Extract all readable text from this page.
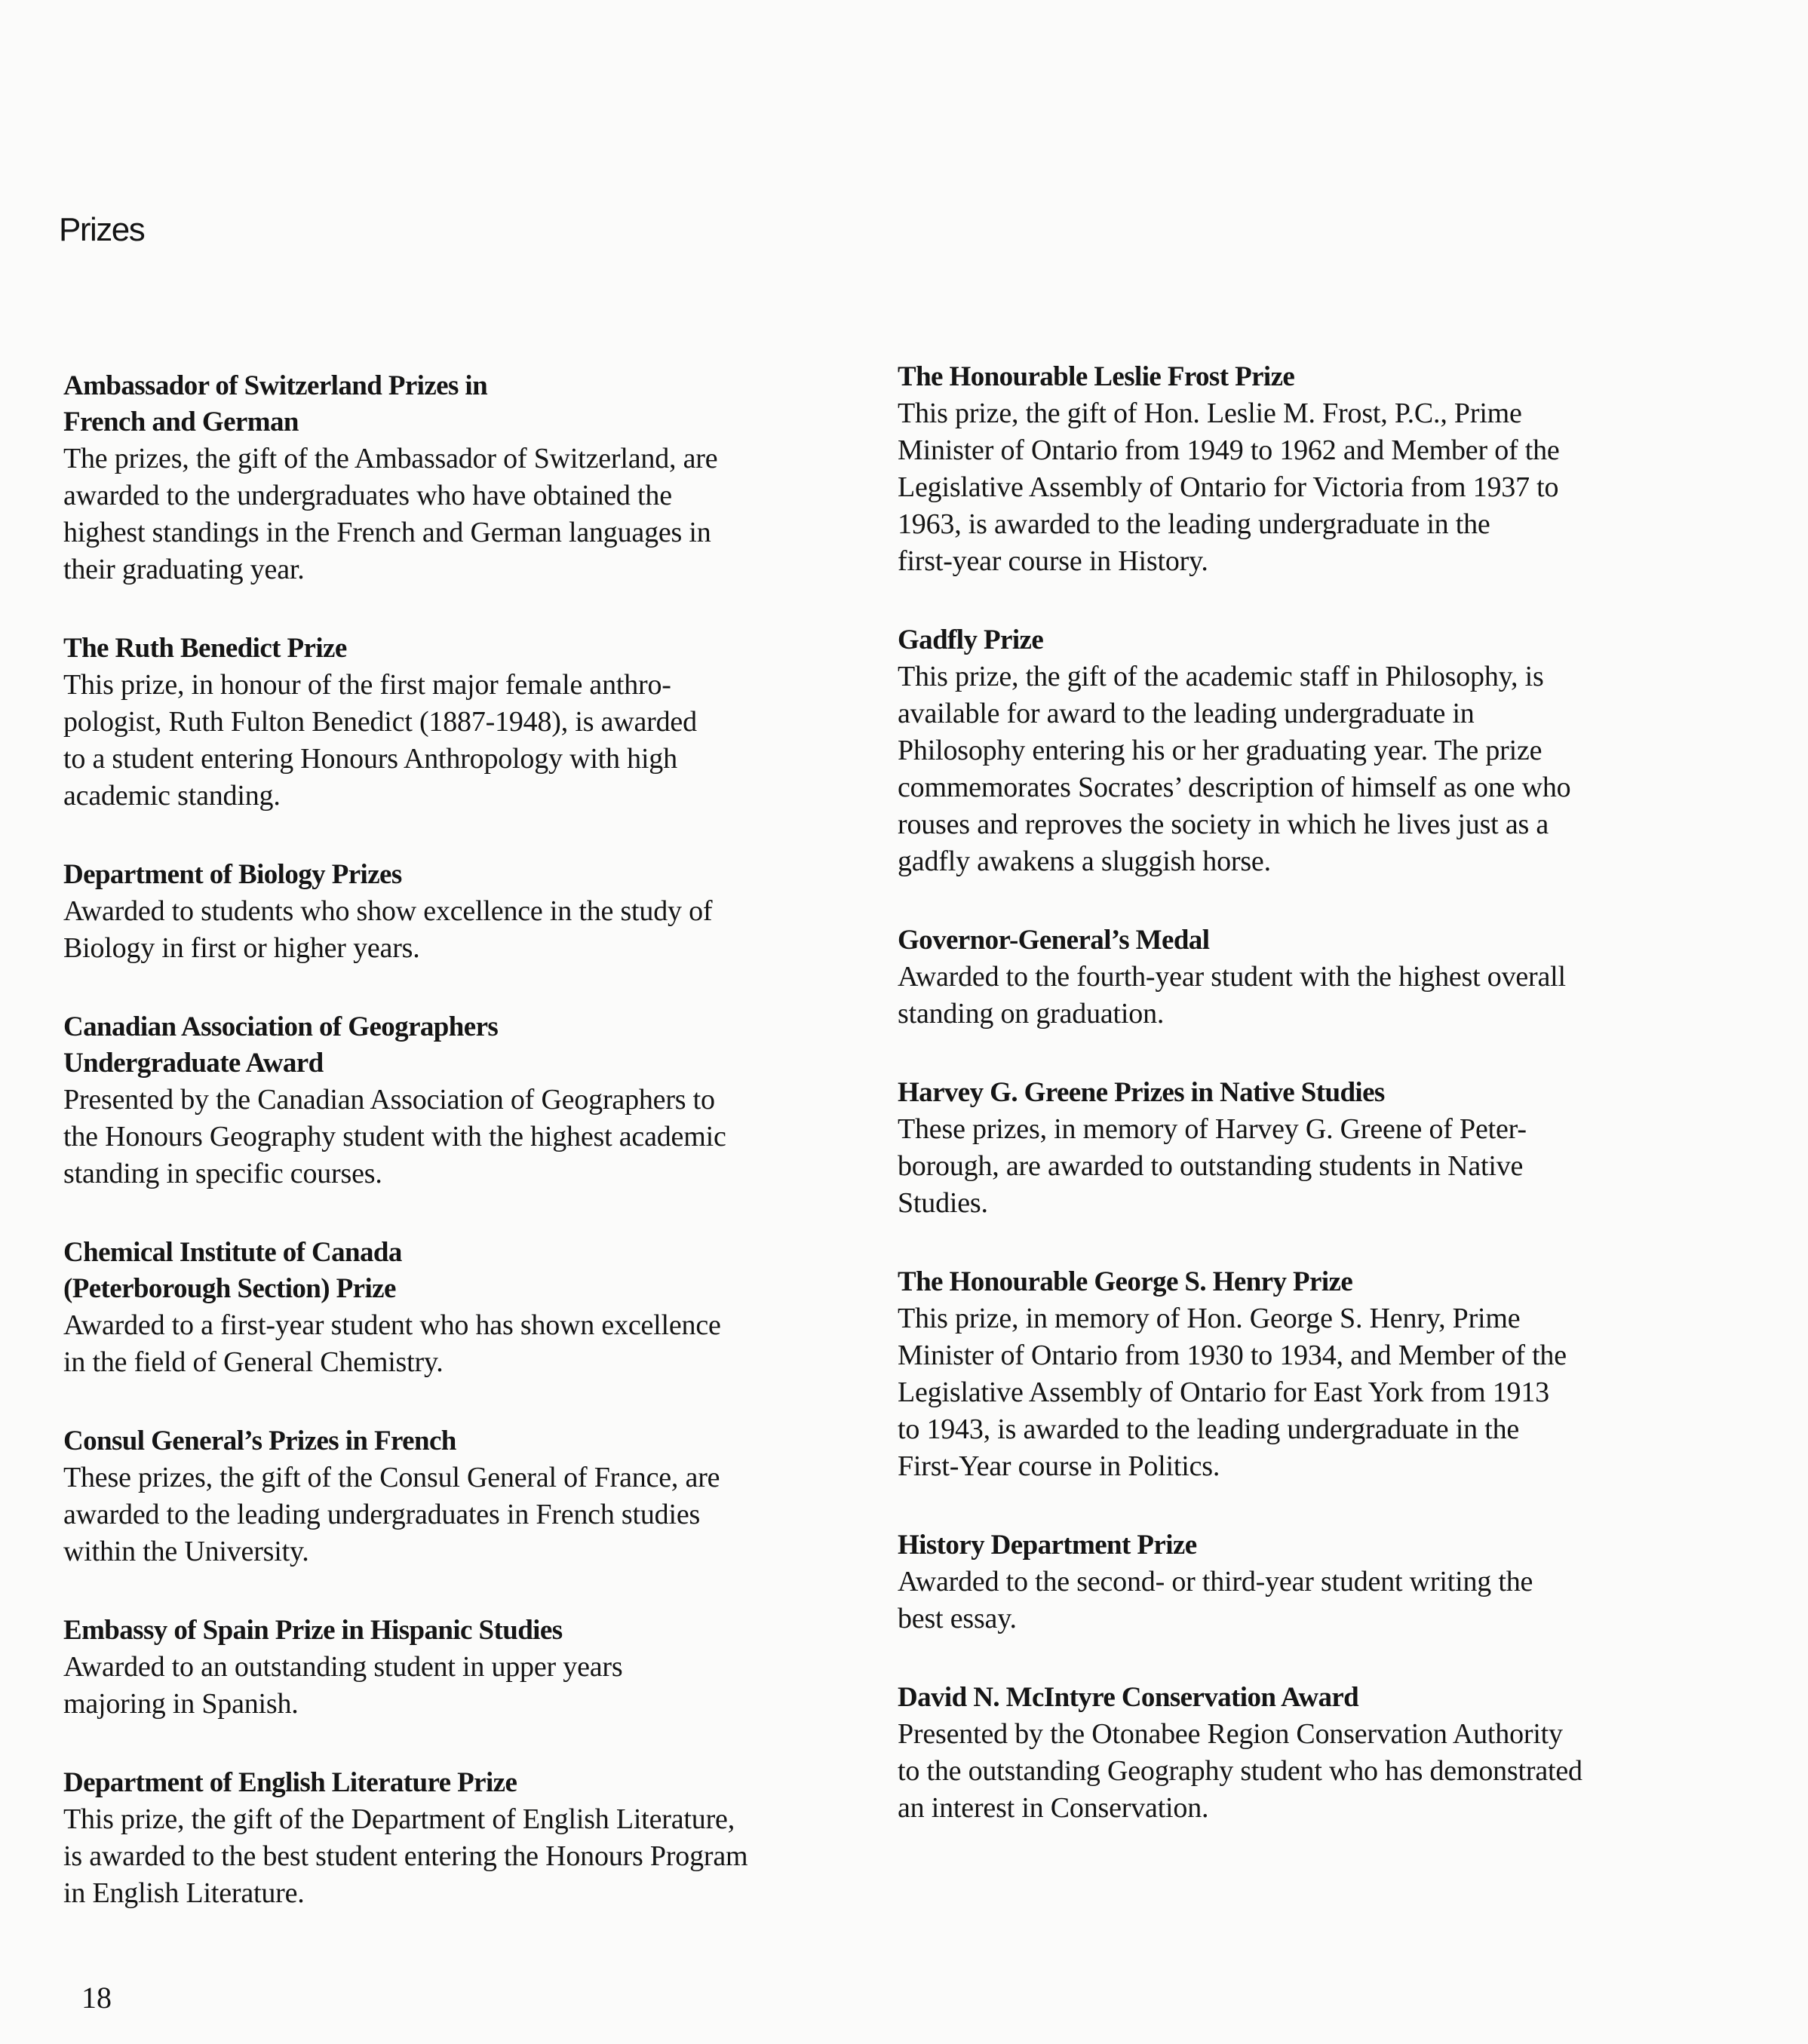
Prizes
Ambassador of Switzerland Prizes in
French and German
The prizes, the gift of the Ambassador of Switzerland, are
awarded to the undergraduates who have obtained the
highest standings in the French and German languages in
their graduating year.
The Ruth Benedict Prize
This prize, in honour of the first major female anthro-
pologist, Ruth Fulton Benedict (1887-1948), is awarded
to a student entering Honours Anthropology with high
academic standing.
Department of Biology Prizes
Awarded to students who show excellence in the study of
Biology in first or higher years.
Canadian Association of Geographers
Undergraduate Award
Presented by the Canadian Association of Geographers to
the Honours Geography student with the highest academic
standing in specific courses.
Chemical Institute of Canada
(Peterborough Section) Prize
Awarded to a first-year student who has shown excellence
in the field of General Chemistry.
Consul General’s Prizes in French
These prizes, the gift of the Consul General of France, are
awarded to the leading undergraduates in French studies
within the University.
Embassy of Spain Prize in Hispanic Studies
Awarded to an outstanding student in upper years
majoring in Spanish.
Department of English Literature Prize
This prize, the gift of the Department of English Literature,
is awarded to the best student entering the Honours Program
in English Literature.
The Honourable Leslie Frost Prize
This prize, the gift of Hon. Leslie M. Frost, P.C., Prime
Minister of Ontario from 1949 to 1962 and Member of the
Legislative Assembly of Ontario for Victoria from 1937 to
1963, is awarded to the leading undergraduate in the
first-year course in History.
Gadfly Prize
This prize, the gift of the academic staff in Philosophy, is
available for award to the leading undergraduate in
Philosophy entering his or her graduating year. The prize
commemorates Socrates’ description of himself as one who
rouses and reproves the society in which he lives just as a
gadfly awakens a sluggish horse.
Governor-General’s Medal
Awarded to the fourth-year student with the highest overall
standing on graduation.
Harvey G. Greene Prizes in Native Studies
These prizes, in memory of Harvey G. Greene of Peter-
borough, are awarded to outstanding students in Native
Studies.
The Honourable George S. Henry Prize
This prize, in memory of Hon. George S. Henry, Prime
Minister of Ontario from 1930 to 1934, and Member of the
Legislative Assembly of Ontario for East York from 1913
to 1943, is awarded to the leading undergraduate in the
First-Year course in Politics.
History Department Prize
Awarded to the second- or third-year student writing the
best essay.
David N. McIntyre Conservation Award
Presented by the Otonabee Region Conservation Authority
to the outstanding Geography student who has demonstrated
an interest in Conservation.
18
